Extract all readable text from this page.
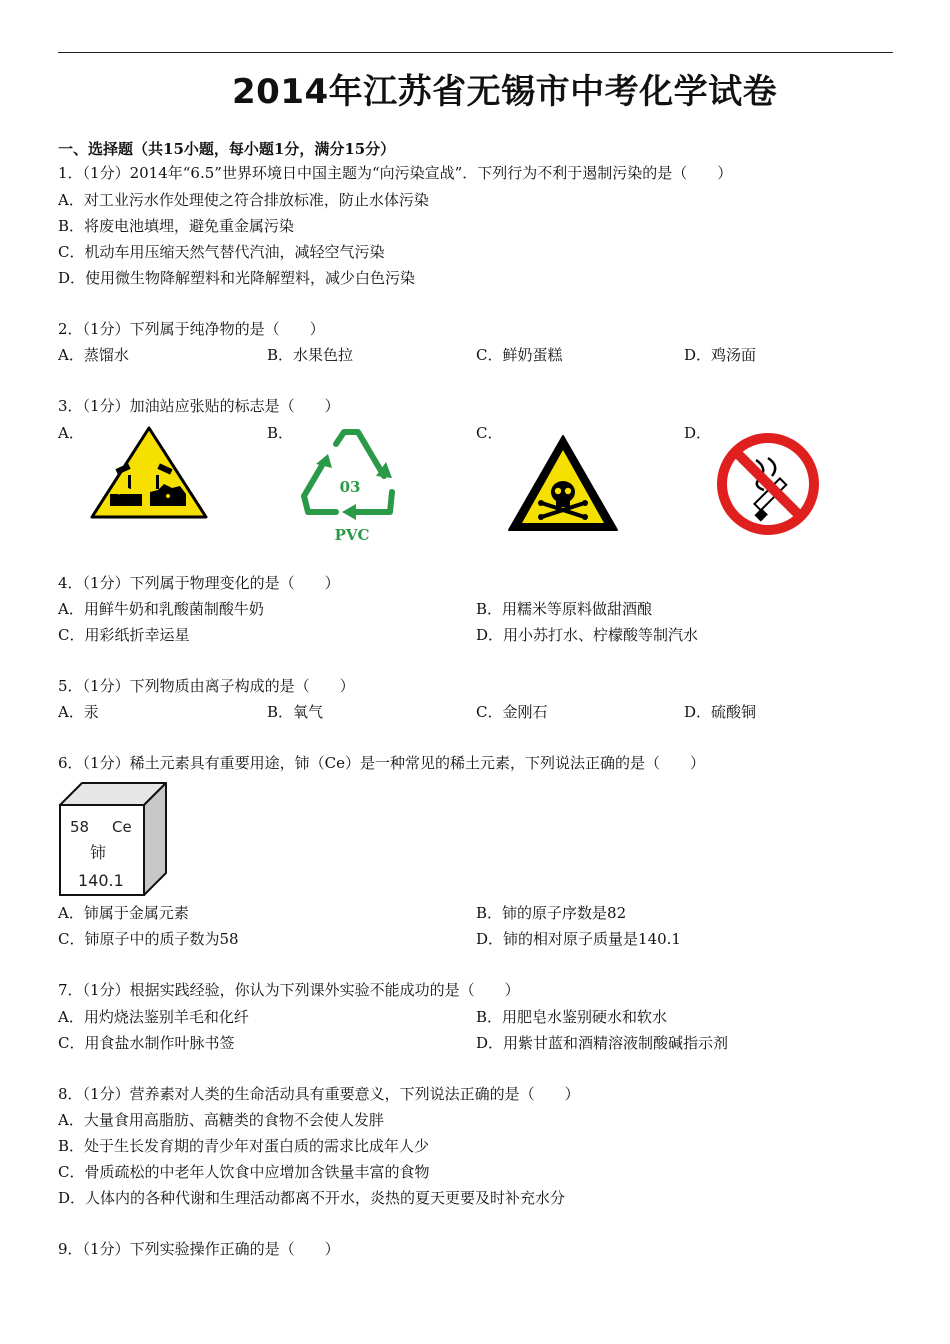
2014年江苏省无锡市中考化学试卷
一、选择题（共15小题，每小题1分，满分15分）
1．（1分）2014年“6.5”世界环境日中国主题为“向污染宣战”．下列行为不利于遏制污染的是（　　）
A．对工业污水作处理使之符合排放标准，防止水体污染
B．将废电池填埋，避免重金属污染
C．机动车用压缩天然气替代汽油，减轻空气污染
D．使用微生物降解塑料和光降解塑料，减少白色污染
2．（1分）下列属于纯净物的是（　　）
A．蒸馏水	B．水果色拉	C．鲜奶蛋糕	D．鸡汤面
3．（1分）加油站应张贴的标志是（　　）
A．	B．	C．	D．
03
PVC
4．（1分）下列属于物理变化的是（　　）
A．用鲜牛奶和乳酸菌制酸牛奶	B．用糯米等原料做甜酒酿
C．用彩纸折幸运星	D．用小苏打水、柠檬酸等制汽水
5．（1分）下列物质由离子构成的是（　　）
A．汞	B．氧气	C．金刚石	D．硫酸铜
6．（1分）稀土元素具有重要用途，铈（Ce）是一种常见的稀土元素，下列说法正确的是（　　）
58 Ce
铈
140.1
A．铈属于金属元素	B．铈的原子序数是82
C．铈原子中的质子数为58	D．铈的相对原子质量是140.1
7．（1分）根据实践经验，你认为下列课外实验不能成功的是（　　）
A．用灼烧法鉴别羊毛和化纤	B．用肥皂水鉴别硬水和软水
C．用食盐水制作叶脉书签	D．用紫甘蓝和酒精溶液制酸碱指示剂
8．（1分）营养素对人类的生命活动具有重要意义，下列说法正确的是（　　）
A．大量食用高脂肪、高糖类的食物不会使人发胖
B．处于生长发育期的青少年对蛋白质的需求比成年人少
C．骨质疏松的中老年人饮食中应增加含铁量丰富的食物
D．人体内的各种代谢和生理活动都离不开水，炎热的夏天更要及时补充水分
9．（1分）下列实验操作正确的是（　　）
